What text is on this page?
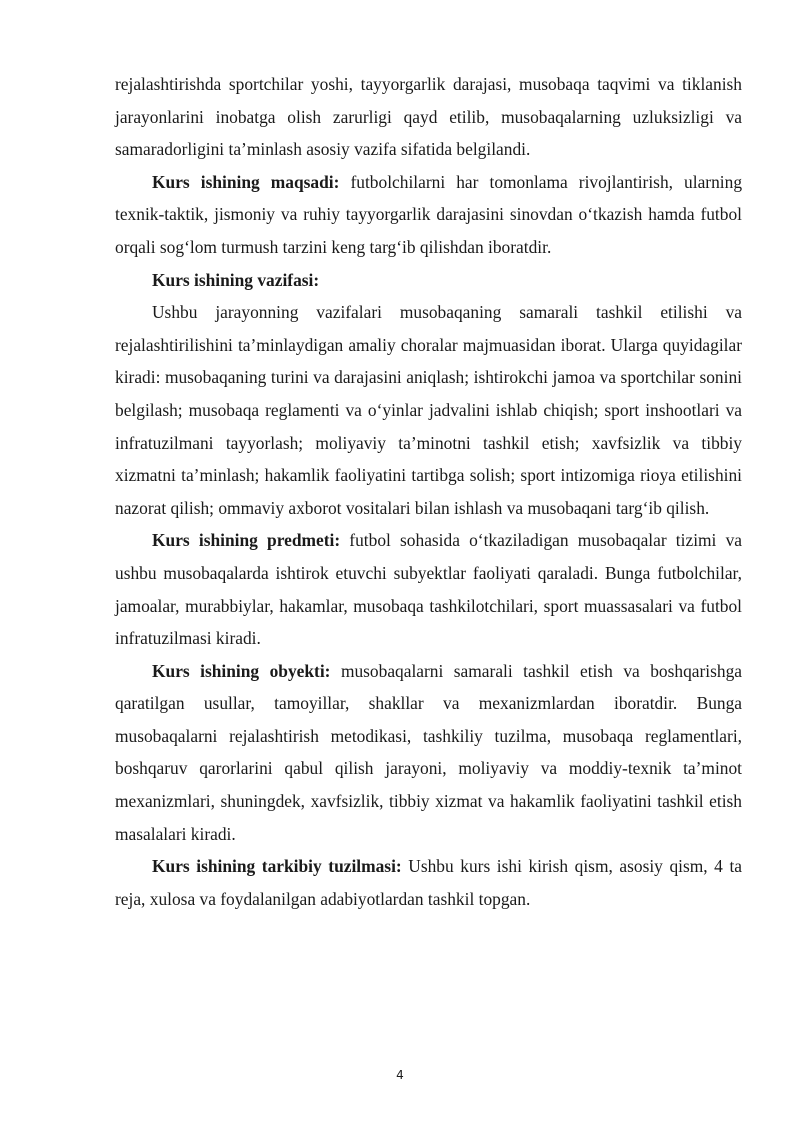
rejalashtirishda sportchilar yoshi, tayyorgarlik darajasi, musobaqa taqvimi va tiklanish jarayonlarini inobatga olish zarurligi qayd etilib, musobaqalarning uzluksizligi va samaradorligini ta’minlash asosiy vazifa sifatida belgilandi.

Kurs ishining maqsadi: futbolchilarni har tomonlama rivojlantirish, ularning texnik-taktik, jismoniy va ruhiy tayyorgarlik darajasini sinovdan o‘tkazish hamda futbol orqali sog‘lom turmush tarzini keng targ‘ib qilishdan iboratdir.

Kurs ishining vazifasi:

Ushbu jarayonning vazifalari musobaqaning samarali tashkil etilishi va rejalashtirilishini ta’minlaydigan amaliy choralar majmuasidan iborat. Ularga quyidagilar kiradi: musobaqaning turini va darajasini aniqlash; ishtirokchi jamoa va sportchilar sonini belgilash; musobaqa reglamenti va o‘yinlar jadvalini ishlab chiqish; sport inshootlari va infratuzilmani tayyorlash; moliyaviy ta’minotni tashkil etish; xavfsizlik va tibbiy xizmatni ta’minlash; hakamlik faoliyatini tartibga solish; sport intizomiga rioya etilishini nazorat qilish; ommaviy axborot vositalari bilan ishlash va musobaqani targ‘ib qilish.

Kurs ishining predmeti: futbol sohasida o‘tkaziladigan musobaqalar tizimi va ushbu musobaqalarda ishtirok etuvchi subyektlar faoliyati qaraladi. Bunga futbolchilar, jamoalar, murabbiylar, hakamlar, musobaqa tashkilotchilari, sport muassasalari va futbol infratuzilmasi kiradi.

Kurs ishining obyekti: musobaqalarni samarali tashkil etish va boshqarishga qaratilgan usullar, tamoyillar, shakllar va mexanizmlardan iboratdir. Bunga musobaqalarni rejalashtirish metodikasi, tashkiliy tuzilma, musobaqa reglamentlari, boshqaruv qarorlarini qabul qilish jarayoni, moliyaviy va moddiy-texnik ta’minot mexanizmlari, shuningdek, xavfsizlik, tibbiy xizmat va hakamlik faoliyatini tashkil etish masalalari kiradi.

Kurs ishining tarkibiy tuzilmasi: Ushbu kurs ishi kirish qism, asosiy qism, 4 ta reja, xulosa va foydalanilgan adabiyotlardan tashkil topgan.

4
